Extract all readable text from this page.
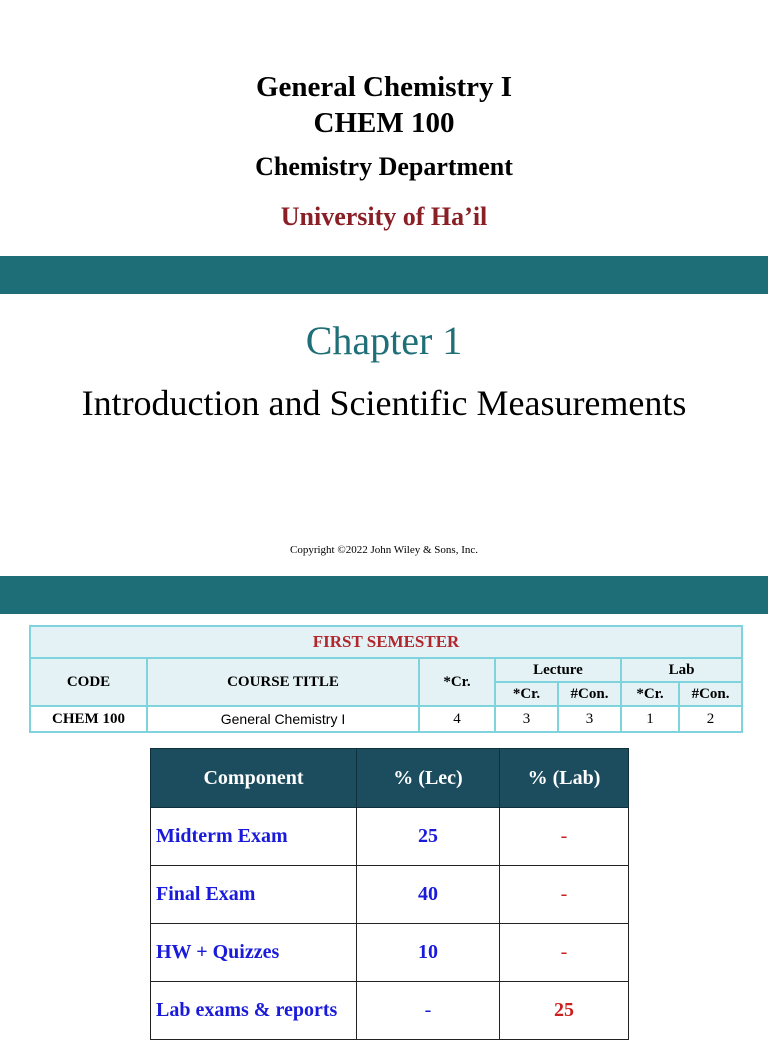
General Chemistry I
CHEM 100
Chemistry Department
University of Ha’il
Chapter 1
Introduction and Scientific Measurements
Copyright ©2022 John Wiley & Sons, Inc.
FIRST SEMESTER						
CODE	COURSE TITLE	*Cr.	Lecture		Lab	
			*Cr.	#Con.	*Cr.	#Con.
CHEM 100	General Chemistry I	4	3	3	1	2
Component	% (Lec)	% (Lab)
Midterm Exam	25	-
Final Exam	40	-
HW + Quizzes	10	-
Lab exams & reports	-	25
